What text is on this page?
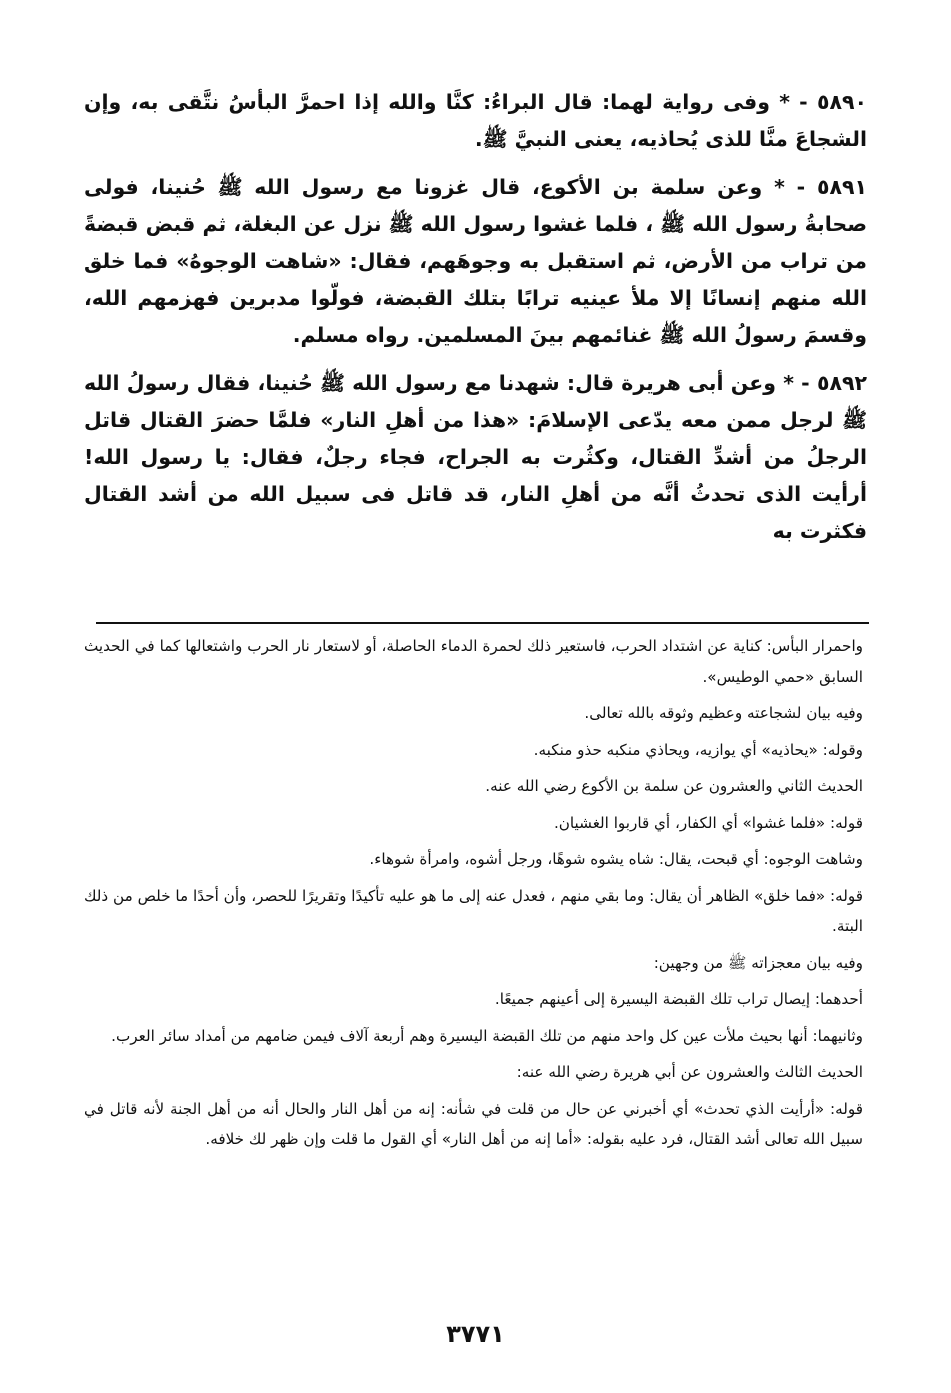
٥٨٩٠ - * وفى رواية لهما: قال البراءُ: كنَّا والله إذا احمرَّ البأسُ نتَّقى به، وإن الشجاعَ منَّا للذى يُحاذيه، يعنى النبيَّ ﷺ.

٥٨٩١ - * وعن سلمة بن الأكوع، قال غزونا مع رسول الله ﷺ حُنينا، فولى صحابةُ رسول الله ﷺ ، فلما غشوا رسول الله ﷺ نزل عن البغلة، ثم قبض قبضةً من تراب من الأرض، ثم استقبل به وجوهَهم، فقال: «شاهت الوجوهُ» فما خلق الله منهم إنسانًا إلا ملأ عينيه ترابًا بتلك القبضة، فولّوا مدبرين فهزمهم الله، وقسمَ رسولُ الله ﷺ غنائمهم بينَ المسلمين. رواه مسلم.

٥٨٩٢ - * وعن أبى هريرة قال: شهدنا مع رسول الله ﷺ حُنينا، فقال رسولُ الله ﷺ لرجل ممن معه يدّعى الإسلامَ: «هذا من أهلِ النار» فلمَّا حضرَ القتال قاتل الرجلُ من أشدِّ القتال، وكثُرت به الجراح، فجاء رجلٌ، فقال: يا رسول الله! أرأيت الذى تحدثُ أنَّه من أهلِ النار، قد قاتل فى سبيل الله من أشد القتال فكثرت به

واحمرار البأس: كناية عن اشتداد الحرب، فاستعير ذلك لحمرة الدماء الحاصلة، أو لاستعار نار الحرب واشتعالها كما في الحديث السابق «حمي الوطيس».

وفيه بيان لشجاعته وعظيم وثوقه بالله تعالى.

وقوله: «يحاذيه» أي يوازيه، ويحاذي منكبه حذو منكبه.

الحديث الثاني والعشرون عن سلمة بن الأكوع رضي الله عنه.

قوله: «فلما غشوا» أي الكفار، أي قاربوا الغشيان.

وشاهت الوجوه: أي قبحت، يقال: شاه يشوه شوهًا، ورجل أشوه، وامرأة شوهاء.

قوله: «فما خلق» الظاهر أن يقال: وما بقي منهم ، فعدل عنه إلى ما هو عليه تأكيدًا وتقريرًا للحصر، وأن أحدًا ما خلص من ذلك البتة.

وفيه بيان معجزاته ﷺ من وجهين:

أحدهما: إيصال تراب تلك القبضة اليسيرة إلى أعينهم جميعًا.

وثانيهما: أنها بحيث ملأت عين كل واحد منهم من تلك القبضة اليسيرة وهم أربعة آلاف فيمن ضامهم من أمداد سائر العرب.

الحديث الثالث والعشرون عن أبي هريرة رضي الله عنه:

قوله: «أرأيت الذي تحدث» أي أخبرني عن حال من قلت في شأنه: إنه من أهل النار والحال أنه من أهل الجنة لأنه قاتل في سبيل الله تعالى أشد القتال، فرد عليه بقوله: «أما إنه من أهل النار» أي القول ما قلت وإن ظهر لك خلافه.

٣٧٧١
